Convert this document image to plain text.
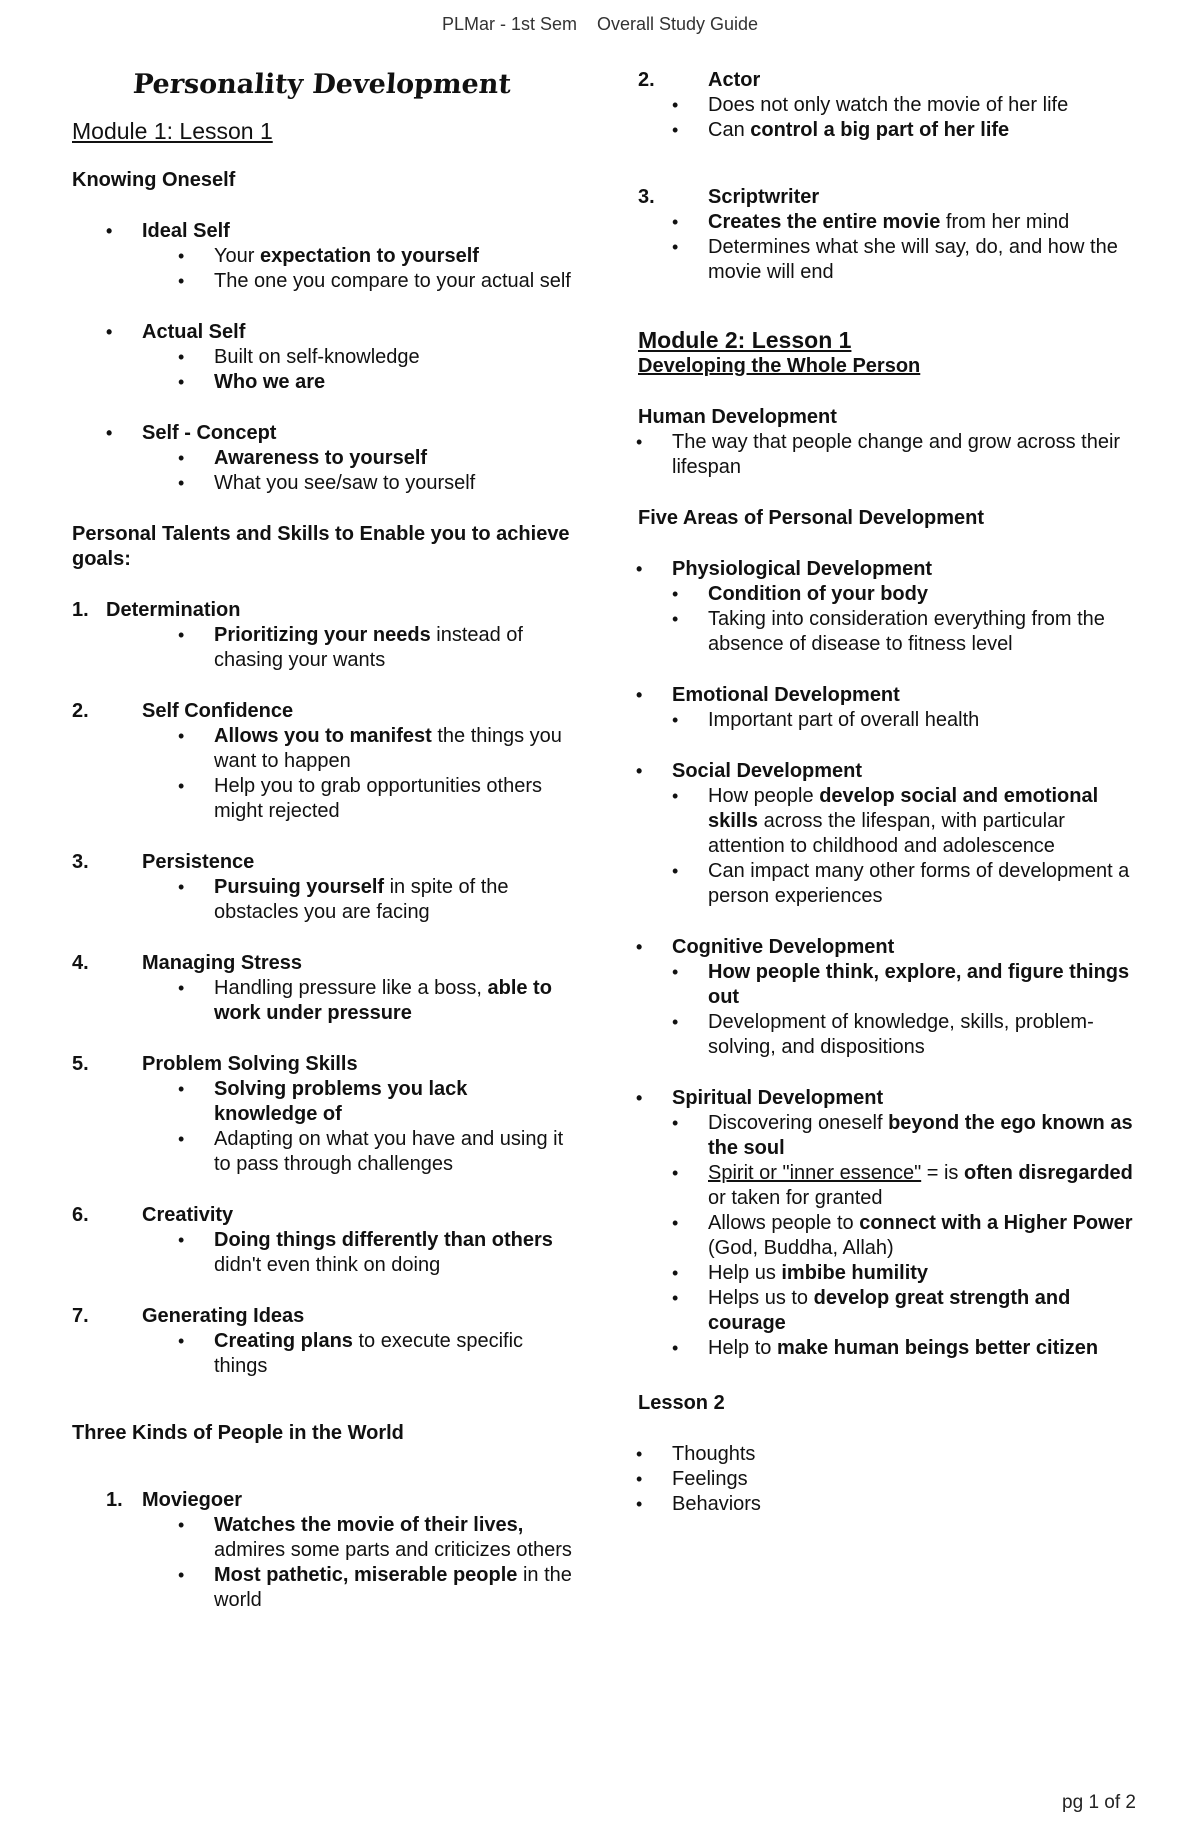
PLMar - 1st Sem Overall Study Guide
Personality Development
Module 1: Lesson 1
Knowing Oneself
• Ideal Self
• Your expectation to yourself
• The one you compare to your actual self
• Actual Self
• Built on self-knowledge
• Who we are
• Self - Concept
• Awareness to yourself
• What you see/saw to yourself
Personal Talents and Skills to Enable you to achieve goals:
1. Determination
• Prioritizing your needs instead of chasing your wants
2.	Self Confidence
• Allows you to manifest the things you want to happen
• Help you to grab opportunities others might rejected
3.	Persistence
• Pursuing yourself in spite of the obstacles you are facing
4.	Managing Stress
• Handling pressure like a boss, able to work under pressure
5.	Problem Solving Skills
• Solving problems you lack knowledge of
• Adapting on what you have and using it to pass through challenges
6.	Creativity
• Doing things differently than others didn't even think on doing
7.	Generating Ideas
• Creating plans to execute specific things
Three Kinds of People in the World
1. Moviegoer
• Watches the movie of their lives, admires some parts and criticizes others
• Most pathetic, miserable people in the world
2.	Actor
• Does not only watch the movie of her life
• Can control a big part of her life
3.	Scriptwriter
• Creates the entire movie from her mind
• Determines what she will say, do, and how the movie will end
Module 2: Lesson 1
Developing the Whole Person
Human Development
• The way that people change and grow across their lifespan
Five Areas of Personal Development
• Physiological Development
• Condition of your body
• Taking into consideration everything from the absence of disease to fitness level
• Emotional Development
• Important part of overall health
• Social Development
• How people develop social and emotional skills across the lifespan, with particular attention to childhood and adolescence
• Can impact many other forms of development a person experiences
• Cognitive Development
• How people think, explore, and figure things out
• Development of knowledge, skills, problem-solving, and dispositions
• Spiritual Development
• Discovering oneself beyond the ego known as the soul
• Spirit or "inner essence" = is often disregarded or taken for granted
• Allows people to connect with a Higher Power (God, Buddha, Allah)
• Help us imbibe humility
• Helps us to develop great strength and courage
• Help to make human beings better citizen
Lesson 2
• Thoughts
• Feelings
• Behaviors
pg 1 of 2
